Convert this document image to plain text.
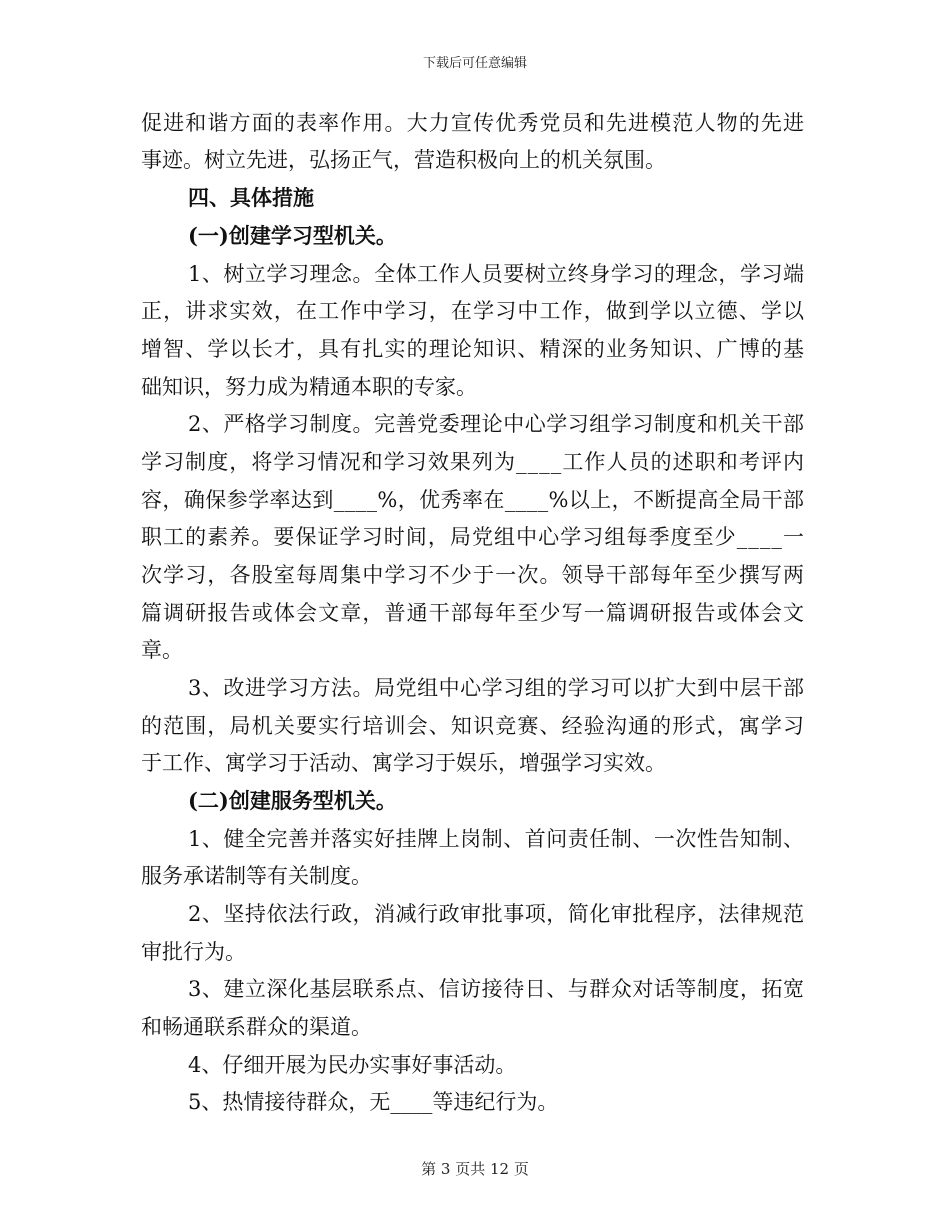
下载后可任意编辑
促进和谐方面的表率作用。大力宣传优秀党员和先进模范人物的先进
事迹。树立先进，弘扬正气，营造积极向上的机关氛围。
四、具体措施
(一)创建学习型机关。
1、树立学习理念。全体工作人员要树立终身学习的理念，学习端
正，讲求实效，在工作中学习，在学习中工作，做到学以立德、学以
增智、学以长才，具有扎实的理论知识、精深的业务知识、广博的基
础知识，努力成为精通本职的专家。
2、严格学习制度。完善党委理论中心学习组学习制度和机关干部
学习制度，将学习情况和学习效果列为____工作人员的述职和考评内
容，确保参学率达到____%，优秀率在____%以上，不断提高全局干部
职工的素养。要保证学习时间，局党组中心学习组每季度至少____一
次学习，各股室每周集中学习不少于一次。领导干部每年至少撰写两
篇调研报告或体会文章，普通干部每年至少写一篇调研报告或体会文
章。
3、改进学习方法。局党组中心学习组的学习可以扩大到中层干部
的范围，局机关要实行培训会、知识竞赛、经验沟通的形式，寓学习
于工作、寓学习于活动、寓学习于娱乐，增强学习实效。
(二)创建服务型机关。
1、健全完善并落实好挂牌上岗制、首问责任制、一次性告知制、
服务承诺制等有关制度。
2、坚持依法行政，消减行政审批事项，简化审批程序，法律规范
审批行为。
3、建立深化基层联系点、信访接待日、与群众对话等制度，拓宽
和畅通联系群众的渠道。
4、仔细开展为民办实事好事活动。
5、热情接待群众，无____等违纪行为。
第 3 页共 12 页
